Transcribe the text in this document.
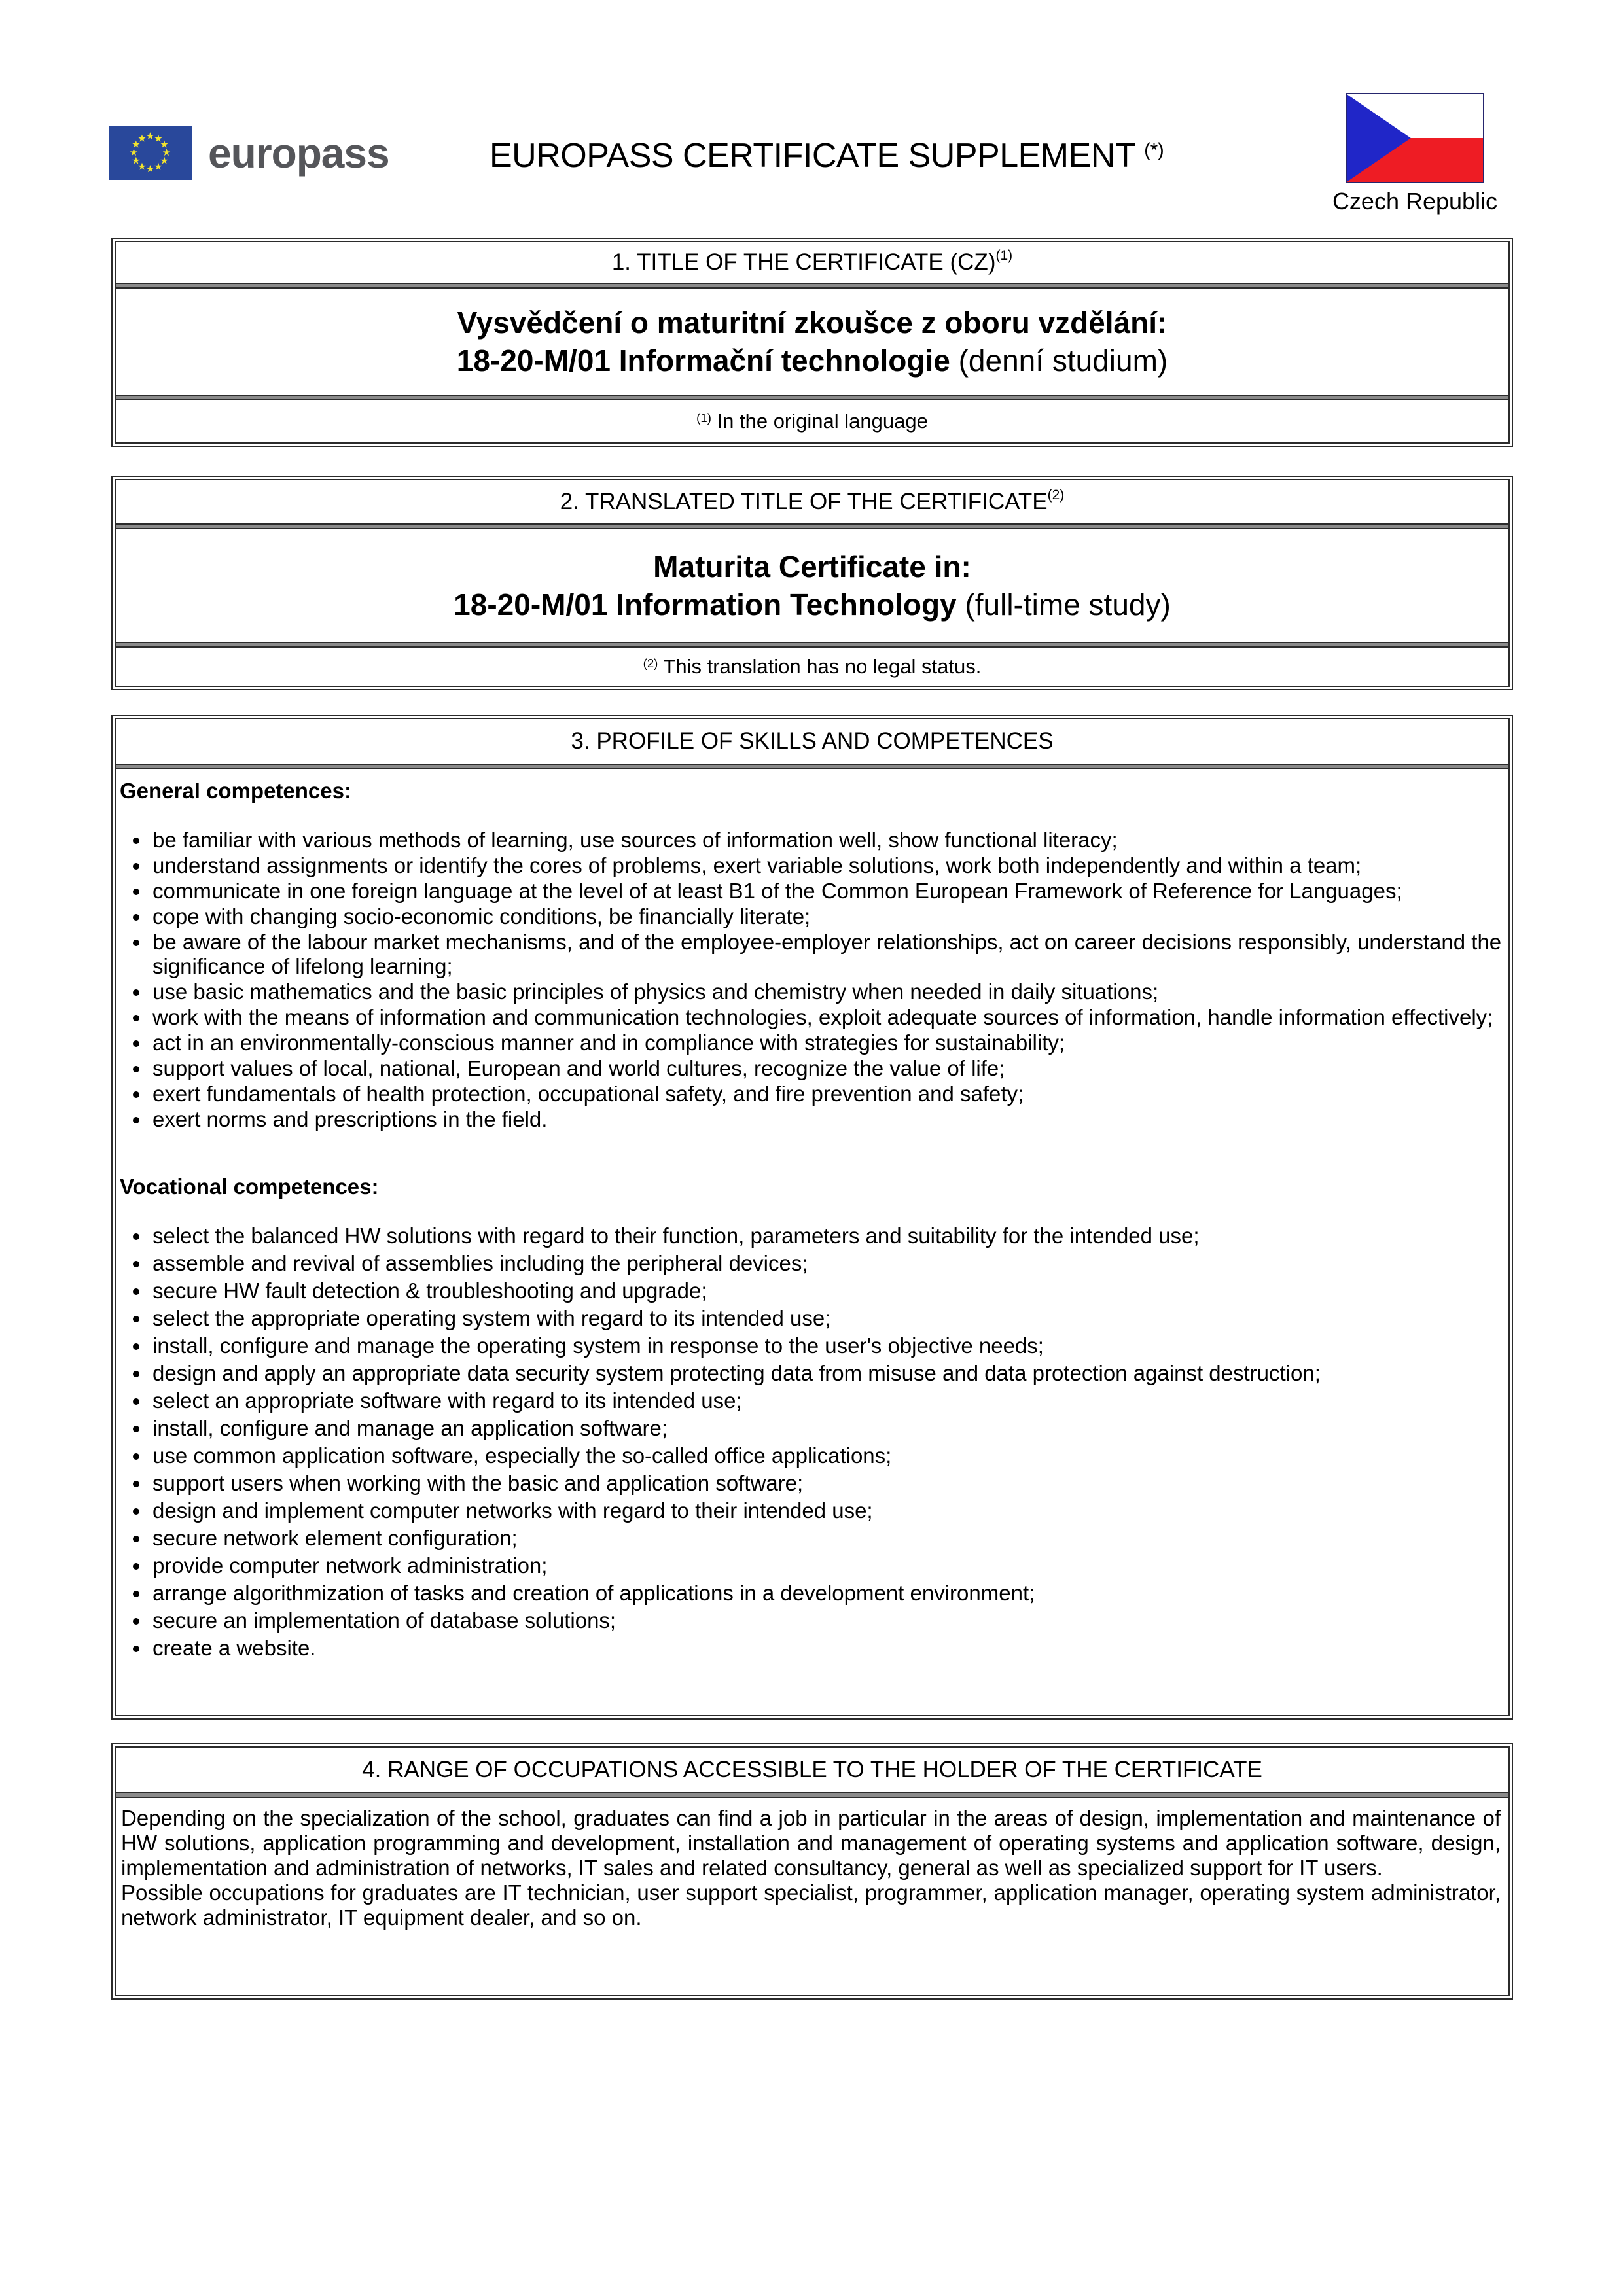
★ ★
★
★
★
★
★
★
★
★
★
★ europass	EUROPASS CERTIFICATE SUPPLEMENT (*)
Czech Republic
1. TITLE OF THE CERTIFICATE (CZ) (1)
Vysvědčení o maturitní zkoušce z oboru vzdělání:
18-20-M/01 Informační technologie (denní studium)
$^{(1)}$ In the original language
2. TRANSLATED TITLE OF THE CERTIFICATE (2)
Maturita Certificate in:
18-20-M/01 Information Technology (full-time study)
$^{(2)}$ This translation has no legal status.
3. PROFILE OF SKILLS AND COMPETENCES
General competences:
• be familiar with various methods of learning, use sources of information well, show functional literacy;
• understand assignments or identify the cores of problems, exert variable solutions, work both independently and within a team;
• communicate in one foreign language at the level of at least B1 of the Common European Framework of Reference for Languages;
• cope with changing socio-economic conditions, be financially literate;
• be aware of the labour market mechanisms, and of the employee-employer relationships, act on career decisions responsibly, understand the significance of lifelong learning;
• use basic mathematics and the basic principles of physics and chemistry when needed in daily situations;
• work with the means of information and communication technologies, exploit adequate sources of information, handle information effectively;
• act in an environmentally-conscious manner and in compliance with strategies for sustainability;
• support values of local, national, European and world cultures, recognize the value of life;
• exert fundamentals of health protection, occupational safety, and fire prevention and safety;
• exert norms and prescriptions in the field.
Vocational competences:
• select the balanced HW solutions with regard to their function, parameters and suitability for the intended use;
• assemble and revival of assemblies including the peripheral devices;
• secure HW fault detection & troubleshooting and upgrade;
• select the appropriate operating system with regard to its intended use;
• install, configure and manage the operating system in response to the user's objective needs;
• design and apply an appropriate data security system protecting data from misuse and data protection against destruction;
• select an appropriate software with regard to its intended use;
• install, configure and manage an application software;
• use common application software, especially the so-called office applications;
• support users when working with the basic and application software;
• design and implement computer networks with regard to their intended use;
• secure network element configuration;
• provide computer network administration;
• arrange algorithmization of tasks and creation of applications in a development environment;
• secure an implementation of database solutions;
• create a website.
4. RANGE OF OCCUPATIONS ACCESSIBLE TO THE HOLDER OF THE CERTIFICATE

Depending on the specialization of the school, graduates can find a job in particular in the areas of design, implementation and maintenance of HW solutions, application programming and development, installation and management of operating systems and application software, design, implementation and administration of networks, IT sales and related consultancy, general as well as specialized support for IT users.

Possible occupations for graduates are IT technician, user support specialist, programmer, application manager, operating system administrator, network administrator, IT equipment dealer, and so on.
